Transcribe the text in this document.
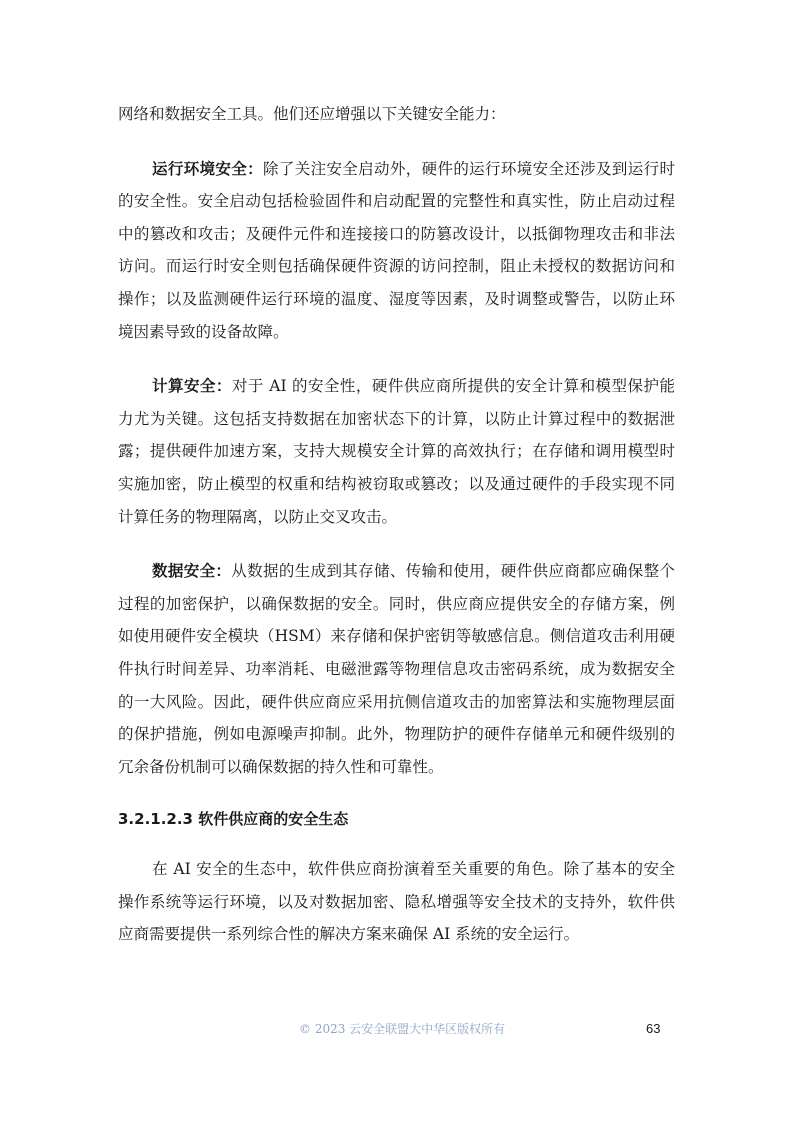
网络和数据安全工具。他们还应增强以下关键安全能力：

运行环境安全：除了关注安全启动外，硬件的运行环境安全还涉及到运行时的安全性。安全启动包括检验固件和启动配置的完整性和真实性，防止启动过程中的篡改和攻击；及硬件元件和连接接口的防篡改设计，以抵御物理攻击和非法访问。而运行时安全则包括确保硬件资源的访问控制，阻止未授权的数据访问和操作；以及监测硬件运行环境的温度、湿度等因素，及时调整或警告，以防止环境因素导致的设备故障。

计算安全：对于 AI 的安全性，硬件供应商所提供的安全计算和模型保护能力尤为关键。这包括支持数据在加密状态下的计算，以防止计算过程中的数据泄露；提供硬件加速方案，支持大规模安全计算的高效执行；在存储和调用模型时实施加密，防止模型的权重和结构被窃取或篡改；以及通过硬件的手段实现不同计算任务的物理隔离，以防止交叉攻击。

数据安全：从数据的生成到其存储、传输和使用，硬件供应商都应确保整个过程的加密保护，以确保数据的安全。同时，供应商应提供安全的存储方案，例如使用硬件安全模块（HSM）来存储和保护密钥等敏感信息。侧信道攻击利用硬件执行时间差异、功率消耗、电磁泄露等物理信息攻击密码系统，成为数据安全的一大风险。因此，硬件供应商应采用抗侧信道攻击的加密算法和实施物理层面的保护措施，例如电源噪声抑制。此外，物理防护的硬件存储单元和硬件级别的冗余备份机制可以确保数据的持久性和可靠性。

3.2.1.2.3 软件供应商的安全生态

在 AI 安全的生态中，软件供应商扮演着至关重要的角色。除了基本的安全操作系统等运行环境，以及对数据加密、隐私增强等安全技术的支持外，软件供应商需要提供一系列综合性的解决方案来确保 AI 系统的安全运行。

© 2023 云安全联盟大中华区版权所有	63
